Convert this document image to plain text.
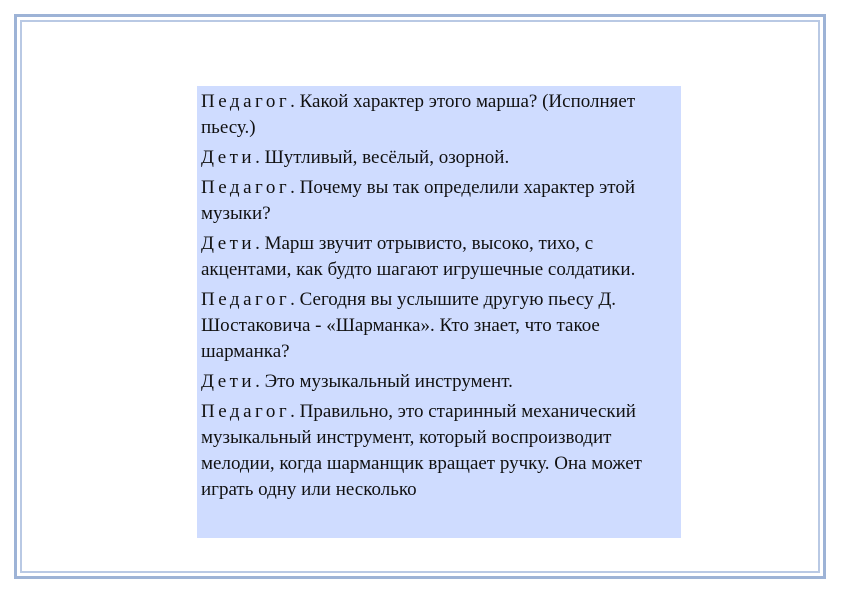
Педагог. Какой характер этого марша? (Исполняет пьесу.)

Дети. Шутливый, весёлый, озорной.

Педагог. Почему вы так определили характер этой музыки?

Дети. Марш звучит отрывисто, высоко, тихо, с акцентами, как будто шагают игрушечные солдатики.

Педагог. Сегодня вы услышите другую пьесу Д. Шостаковича - «Шарманка». Кто знает, что такое шарманка?

Дети. Это музыкальный инструмент.

Педагог. Правильно, это старинный механический музыкальный инструмент, который воспроизводит мелодии, когда шарманщик вращает ручку. Она может играть одну или несколько
